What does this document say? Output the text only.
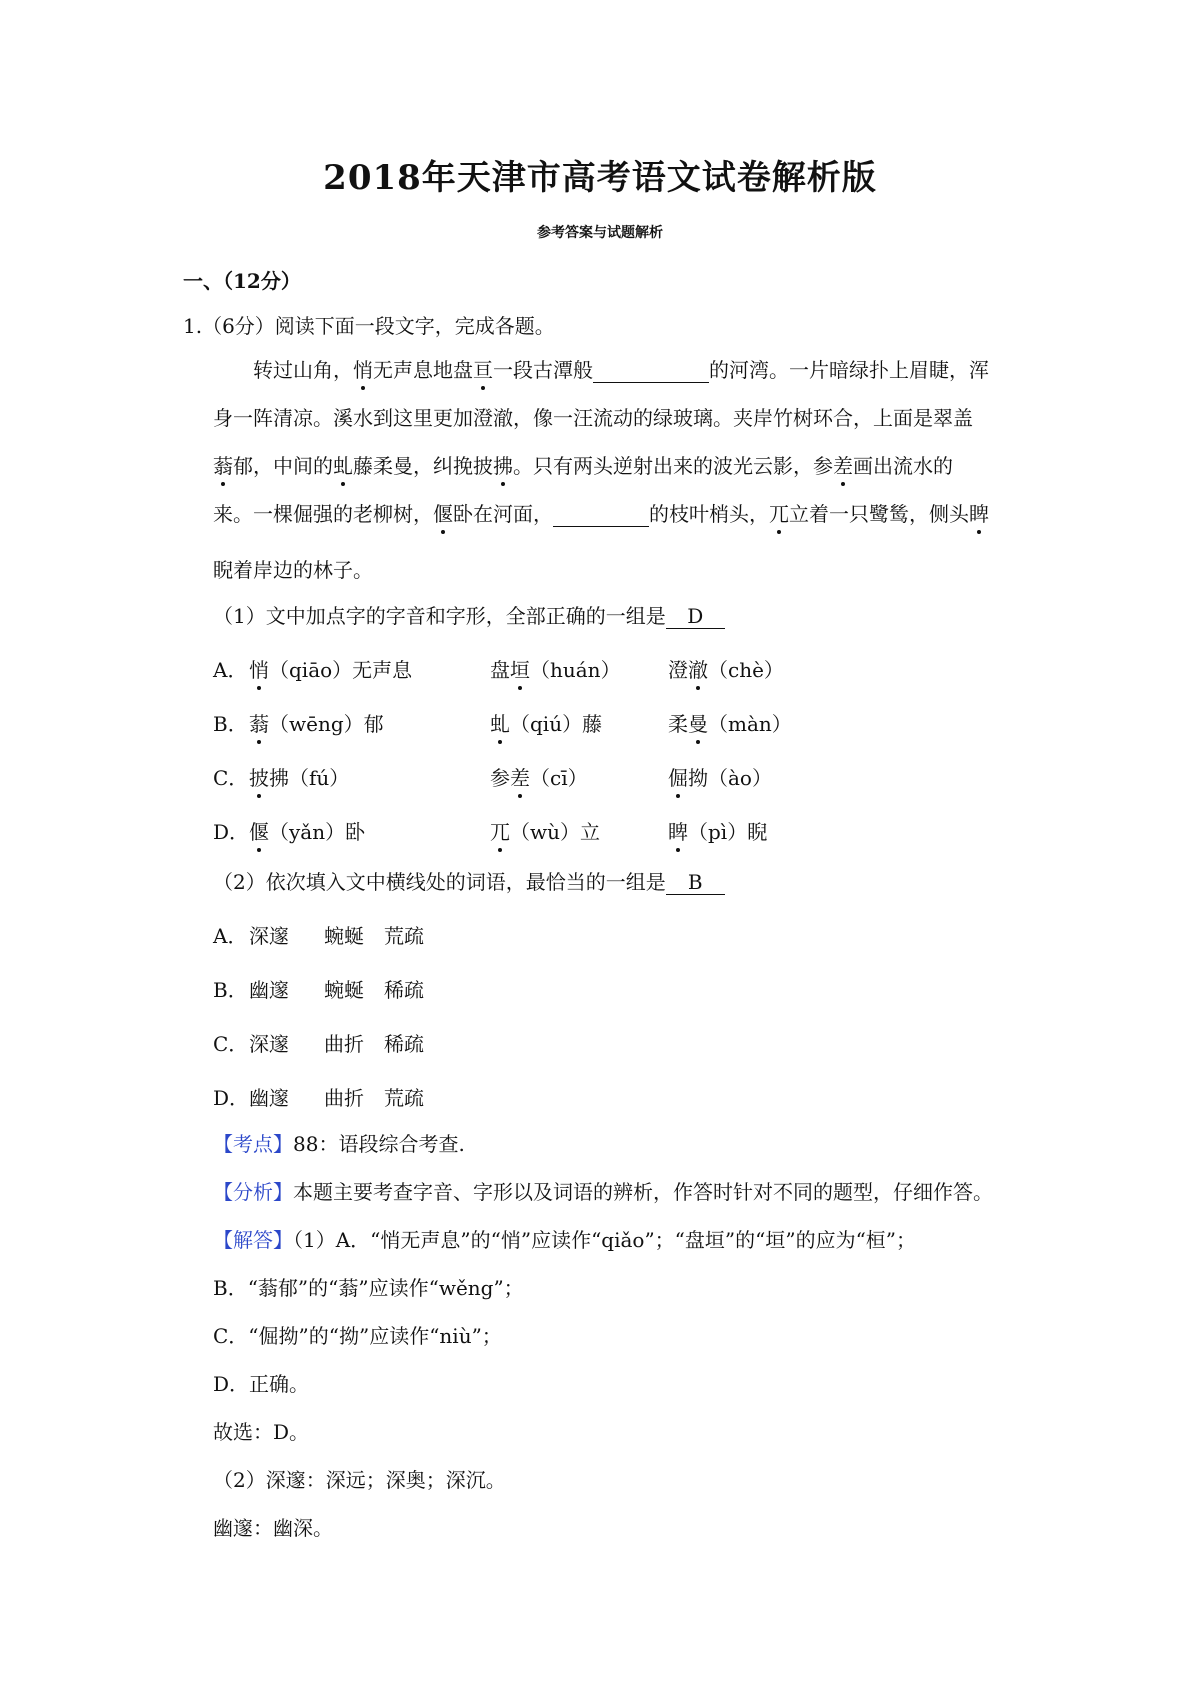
2018年天津市高考语文试卷解析版
参考答案与试题解析
一、（12分）
1.（6分）阅读下面一段文字，完成各题。
转过山角，悄无声息地盘亘一段古潭般	的河湾。一片暗绿扑上眉睫，浑
身一阵清凉。溪水到这里更加澄澈，像一汪流动的绿玻璃。夹岸竹树环合，上面是翠盖
蓊郁，中间的虬藤柔曼，纠挽披拂。只有两头逆射出来的波光云影，参差画出流水的
来。一棵倔强的老柳树，偃卧在河面，	的枝叶梢头，兀立着一只鹭鸶，侧头睥
睨着岸边的林子。
（1）文中加点字的字音和字形，全部正确的一组是 D
A． 悄（qiāo）无声息	盘垣（huán） 澄澈（chè）
B． 蓊（wēng）郁	虬（qiú）藤	柔曼（màn）
C． 披拂（fú）	参差（cī）	倔拗（ào）
D． 偃（yǎn）卧	兀（wù）立	睥（pì）睨
（2）依次填入文中横线处的词语，最恰当的一组是 B
A． 深邃 蜿蜒 荒疏
B． 幽邃 蜿蜒 稀疏
C． 深邃 曲折 稀疏
D． 幽邃 曲折 荒疏
【考点】88：语段综合考查.
【分析】本题主要考查字音、字形以及词语的辨析，作答时针对不同的题型，仔细作答。
【解答】（1）A．“悄无声息”的“悄”应读作“qiǎo”；“盘垣”的“垣”的应为“桓”；
B．“蓊郁”的“蓊”应读作“wěng”；
C．“倔拗”的“拗”应读作“niù”；
D．正确。
故选：D。
（2）深邃：深远；深奥；深沉。
幽邃：幽深。
